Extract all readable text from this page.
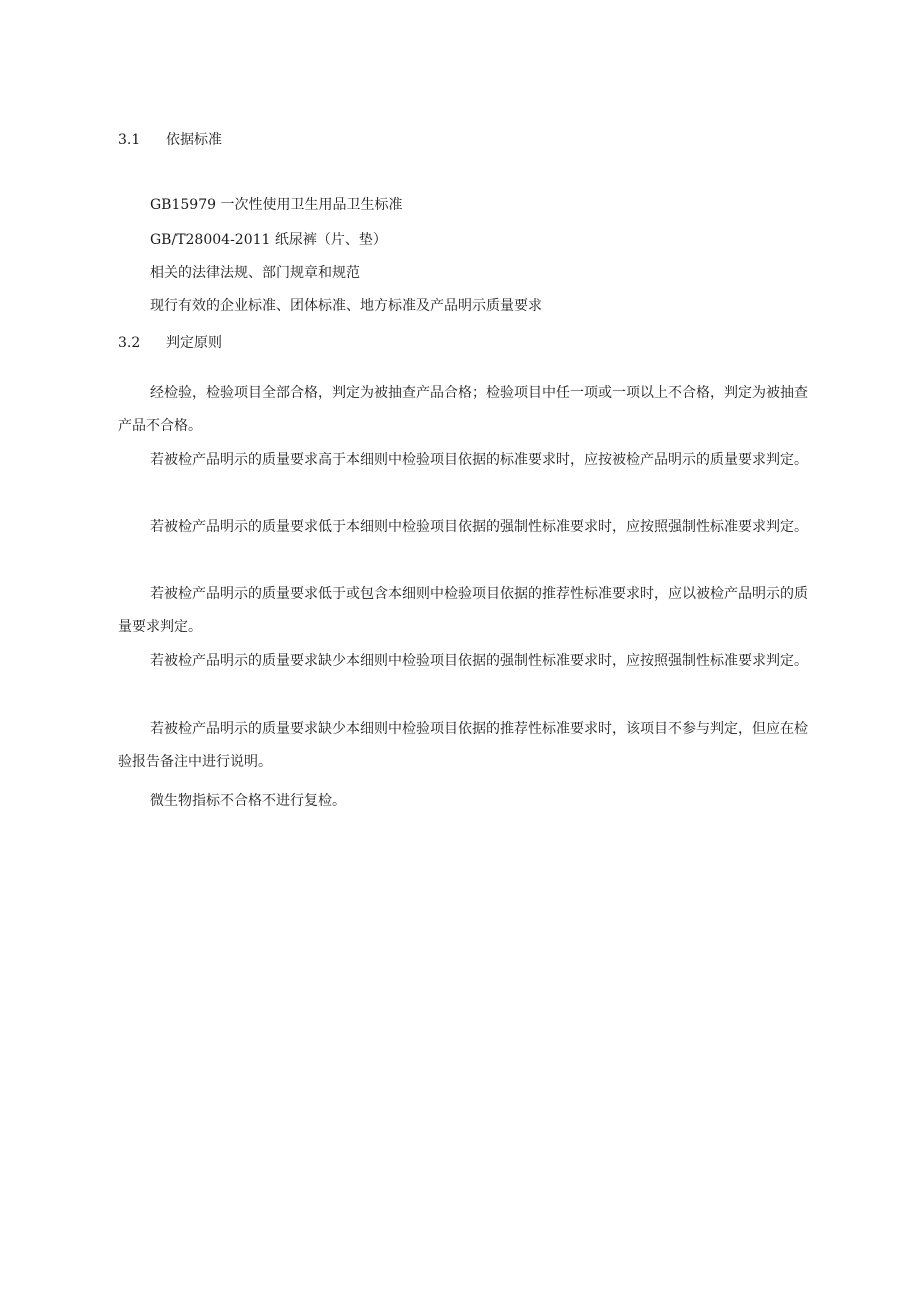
3.1 依据标准
GB15979 一次性使用卫生用品卫生标准
GB/T28004-2011 纸尿裤（片、垫）
相关的法律法规、部门规章和规范
现行有效的企业标准、团体标准、地方标准及产品明示质量要求
3.2 判定原则

经检验，检验项目全部合格，判定为被抽查产品合格；检验项目中任一项或一项以上不合格，判定为被抽查产品不合格。

若被检产品明示的质量要求高于本细则中检验项目依据的标准要求时，应按被检产品明示的质量要求判定。

若被检产品明示的质量要求低于本细则中检验项目依据的强制性标准要求时，应按照强制性标准要求判定。

若被检产品明示的质量要求低于或包含本细则中检验项目依据的推荐性标准要求时，应以被检产品明示的质量要求判定。

若被检产品明示的质量要求缺少本细则中检验项目依据的强制性标准要求时，应按照强制性标准要求判定。

若被检产品明示的质量要求缺少本细则中检验项目依据的推荐性标准要求时，该项目不参与判定，但应在检验报告备注中进行说明。

微生物指标不合格不进行复检。
